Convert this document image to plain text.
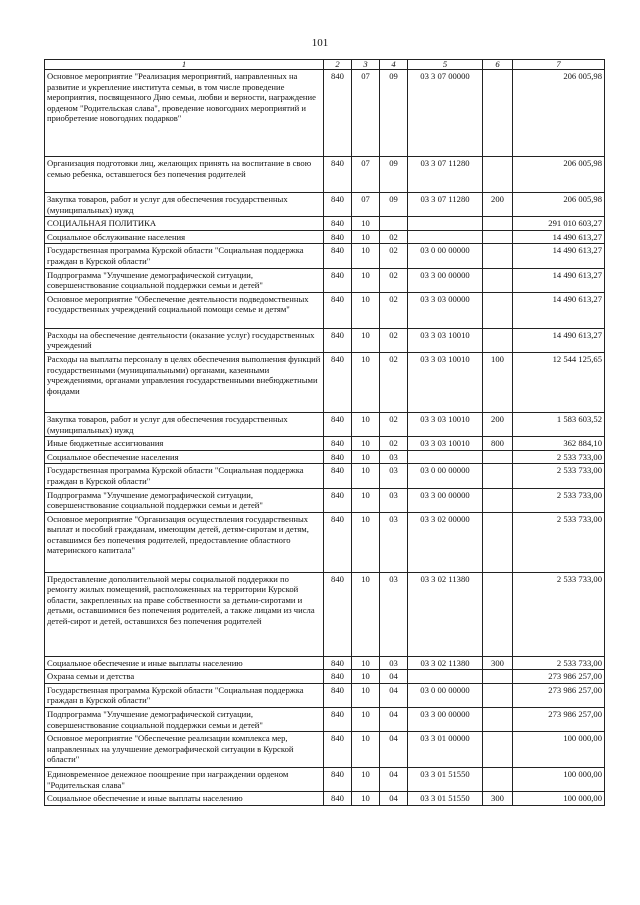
101
1	2	3	4	5	6	7
Основное мероприятие "Реализация мероприятий, направленных на развитие и укрепление института семьи, в том числе проведение мероприятия, посвященного Дню семьи, любви и верности, награждение орденом "Родительская слава", проведение новогодних мероприятий и приобретение новогодних подарков"	840	07	09	03 3 07 00000		206 005,98
Организация подготовки лиц, желающих принять на воспитание в свою семью ребенка, оставшегося без попечения родителей	840	07	09	03 3 07 11280		206 005,98
Закупка товаров, работ и услуг для обеспечения государственных (муниципальных) нужд	840	07	09	03 3 07 11280	200	206 005,98
СОЦИАЛЬНАЯ ПОЛИТИКА	840	10				291 010 603,27
Социальное обслуживание населения	840	10	02			14 490 613,27
Государственная программа Курской области "Социальная поддержка граждан в Курской области"	840	10	02	03 0 00 00000		14 490 613,27
Подпрограмма "Улучшение демографической ситуации, совершенствование социальной поддержки семьи и детей"	840	10	02	03 3 00 00000		14 490 613,27
Основное мероприятие "Обеспечение деятельности подведомственных государственных учреждений социальной помощи семье и детям"	840	10	02	03 3 03 00000		14 490 613,27
Расходы на обеспечение деятельности (оказание услуг) государственных учреждений	840	10	02	03 3 03 10010		14 490 613,27
Расходы на выплаты персоналу в целях обеспечения выполнения функций государственными (муниципальными) органами, казенными учреждениями, органами управления государственными внебюджетными фондами	840	10	02	03 3 03 10010	100	12 544 125,65
Закупка товаров, работ и услуг для обеспечения государственных (муниципальных) нужд	840	10	02	03 3 03 10010	200	1 583 603,52
Иные бюджетные ассигнования	840	10	02	03 3 03 10010	800	362 884,10
Социальное обеспечение населения	840	10	03			2 533 733,00
Государственная программа Курской области "Социальная поддержка граждан в Курской области"	840	10	03	03 0 00 00000		2 533 733,00
Подпрограмма "Улучшение демографической ситуации, совершенствование социальной поддержки семьи и детей"	840	10	03	03 3 00 00000		2 533 733,00
Основное мероприятие "Организация осуществления государственных выплат и пособий гражданам, имеющим детей, детям-сиротам и детям, оставшимся без попечения родителей, предоставление областного материнского капитала"	840	10	03	03 3 02 00000		2 533 733,00
Предоставление дополнительной меры социальной поддержки по ремонту жилых помещений, расположенных на территории Курской области, закрепленных на праве собственности за детьми-сиротами и детьми, оставшимися без попечения родителей, а также лицами из числа детей-сирот и детей, оставшихся без попечения родителей	840	10	03	03 3 02 11380		2 533 733,00
Социальное обеспечение и иные выплаты населению	840	10	03	03 3 02 11380	300	2 533 733,00
Охрана семьи и детства	840	10	04			273 986 257,00
Государственная программа Курской области "Социальная поддержка граждан в Курской области"	840	10	04	03 0 00 00000		273 986 257,00
Подпрограмма "Улучшение демографической ситуации, совершенствование социальной поддержки семьи и детей"	840	10	04	03 3 00 00000		273 986 257,00
Основное мероприятие "Обеспечение реализации комплекса мер, направленных на улучшение демографической ситуации в Курской области"	840	10	04	03 3 01 00000		100 000,00
Единовременное денежное поощрение при награждении орденом "Родительская слава"	840	10	04	03 3 01 51550		100 000,00
Социальное обеспечение и иные выплаты населению	840	10	04	03 3 01 51550	300	100 000,00
